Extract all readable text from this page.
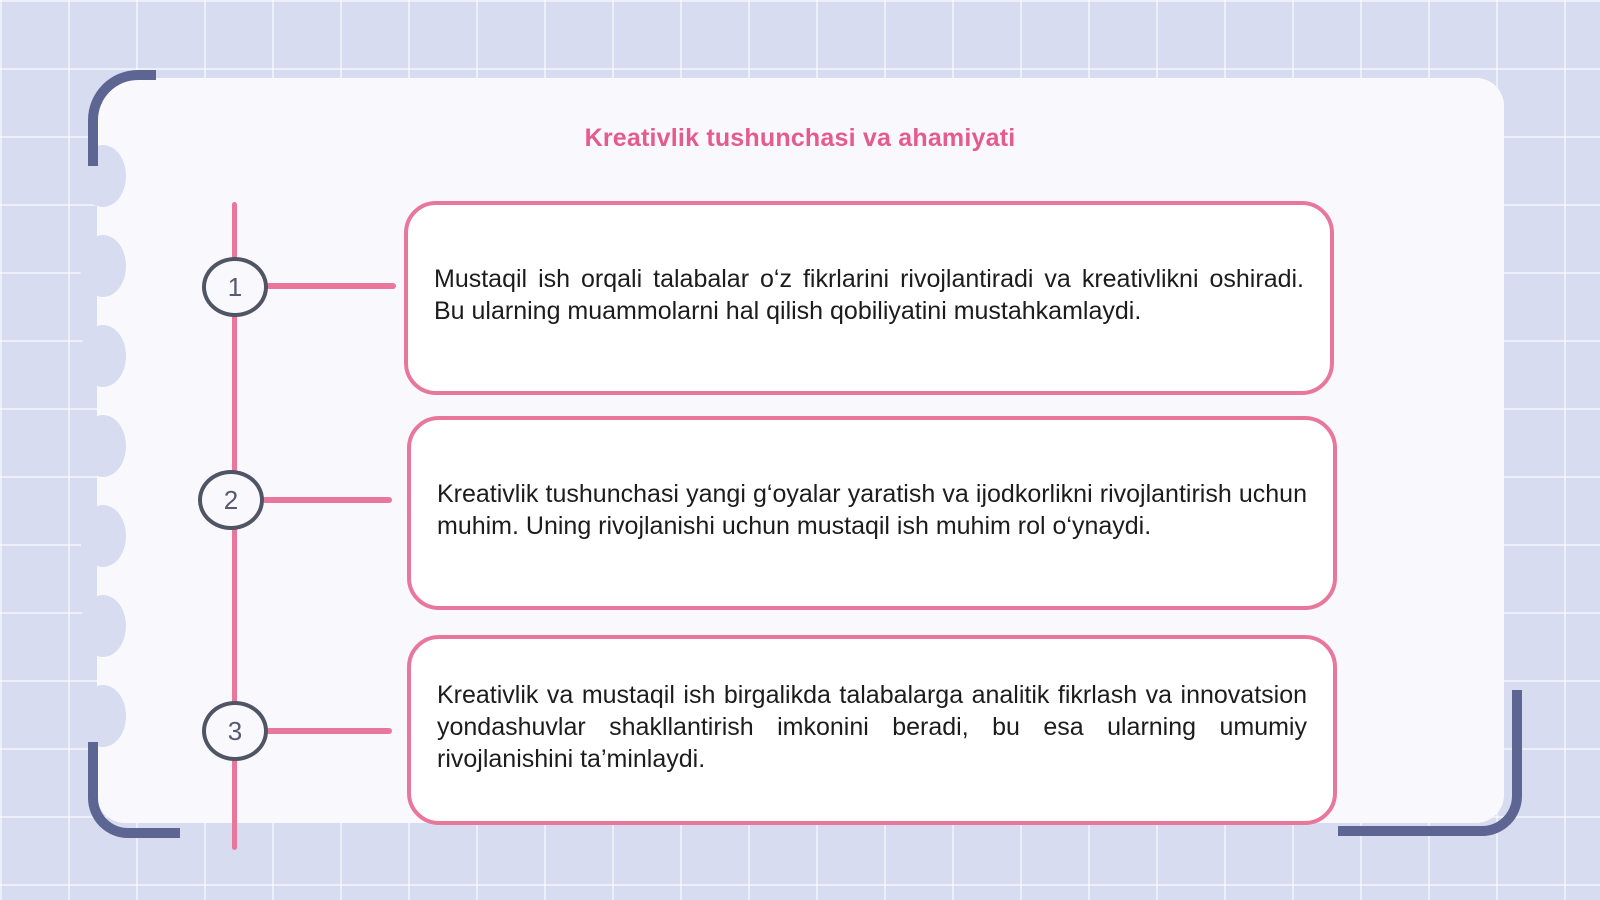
Kreativlik tushunchasi va ahamiyati
1	Mustaqil ish orqali talabalar o‘z fikrlarini rivojlantiradi va kreativlikni oshiradi. Bu ularning muammolarni hal qilish qobiliyatini mustahkamlaydi.
2	Kreativlik tushunchasi yangi g‘oyalar yaratish va ijodkorlikni rivojlantirish uchun muhim. Uning rivojlanishi uchun mustaqil ish muhim rol o‘ynaydi.
3
Kreativlik va mustaqil ish birgalikda talabalarga analitik fikrlash va innovatsion yondashuvlar shakllantirish imkonini beradi, bu esa ularning umumiy rivojlanishini ta’minlaydi.
